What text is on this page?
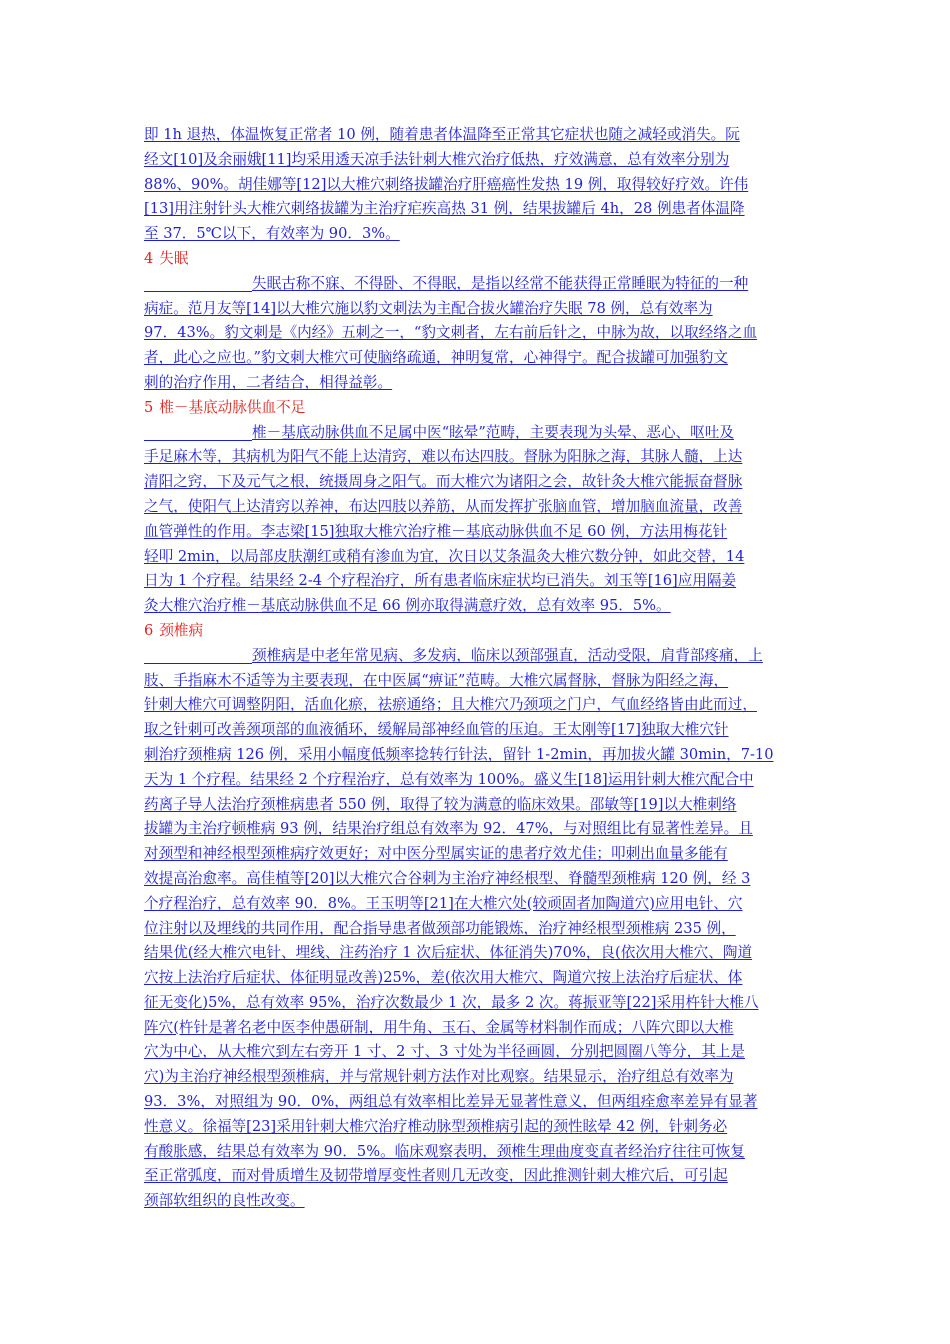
即 1h 退热，体温恢复正常者 10 例，随着患者体温降至正常其它症状也随之减轻或消失。阮
经文[10]及余丽娥[11]均采用透天凉手法针刺大椎穴治疗低热，疗效满意，总有效率分别为
88%、90%。胡佳娜等[12]以大椎穴刺络拔罐治疗肝癌癌性发热 19 例，取得较好疗效。许伟
[13]用注射针头大椎穴刺络拔罐为主治疗疟疾高热 31 例，结果拔罐后 4h，28 例患者体温降
至 37．5℃以下，有效率为 90．3%。
4 失眠
失眠古称不寐、不得卧、不得眠，是指以经常不能获得正常睡眠为特征的一种
病症。范月友等[14]以大椎穴施以豹文刺法为主配合拔火罐治疗失眠 78 例，总有效率为
97．43%。豹文刺是《内经》五刺之一，“豹文刺者，左右前后针之，中脉为故，以取经络之血
者，此心之应也。”豹文刺大椎穴可使脑络疏通，神明复常，心神得宁。配合拔罐可加强豹文
刺的治疗作用，二者结合，相得益彰。
5 椎－基底动脉供血不足
椎－基底动脉供血不足属中医“眩晕”范畴，主要表现为头晕、恶心、呕吐及
手足麻木等，其病机为阳气不能上达清窍，难以布达四肢。督脉为阳脉之海，其脉人髓，上达
清阳之窍，下及元气之根，统摄周身之阳气。而大椎穴为诸阳之会，故针灸大椎穴能振奋督脉
之气，使阳气上达清窍以养神，布达四肢以养筋，从而发挥扩张脑血管，增加脑血流量，改善
血管弹性的作用。李志梁[15]独取大椎穴治疗椎－基底动脉供血不足 60 例，方法用梅花针
轻叩 2min，以局部皮肤潮红或稍有渗血为宜，次日以艾条温灸大椎穴数分钟，如此交替，14
日为 1 个疗程。结果经 2-4 个疗程治疗，所有患者临床症状均已消失。刘玉等[16]应用隔姜
灸大椎穴治疗椎－基底动脉供血不足 66 例亦取得满意疗效，总有效率 95．5%。
6 颈椎病
颈椎病是中老年常见病、多发病，临床以颈部强直，活动受限，肩背部疼痛，上
肢、手指麻木不适等为主要表现，在中医属“痹证”范畴。大椎穴属督脉，督脉为阳经之海，
针刺大椎穴可调整阴阳，活血化瘀，祛瘀通络；且大椎穴乃颈项之门户，气血经络皆由此而过，
取之针刺可改善颈项部的血液循环，缓解局部神经血管的压迫。王太刚等[17]独取大椎穴针
刺治疗颈椎病 126 例，采用小幅度低频率捻转行针法，留针 1-2min，再加拔火罐 30min，7-10
天为 1 个疗程。结果经 2 个疗程治疗，总有效率为 100%。盛义生[18]运用针刺大椎穴配合中
药离子导人法治疗颈椎病患者 550 例，取得了较为满意的临床效果。邵敏等[19]以大椎刺络
拔罐为主治疗顿椎病 93 例，结果治疗组总有效率为 92．47%，与对照组比有显著性差异。且
对颈型和神经根型颈椎病疗效更好；对中医分型属实证的患者疗效尤佳；叩刺出血量多能有
效提高治愈率。高佳植等[20]以大椎穴合谷刺为主治疗神经根型、脊髓型颈椎病 120 例，经 3
个疗程治疗，总有效率 90．8%。王玉明等[21]在大椎穴处(较顽固者加陶道穴)应用电针、穴
位注射以及埋线的共同作用，配合指导患者做颈部功能锻炼，治疗神经根型颈椎病 235 例，
结果优(经大椎穴电针、埋线、注药治疗 1 次后症状、体征消失)70%，良(依次用大椎穴、陶道
穴按上法治疗后症状、体征明显改善)25%，差(依次用大椎穴、陶道穴按上法治疗后症状、体
征无变化)5%，总有效率 95%，治疗次数最少 1 次，最多 2 次。蒋振亚等[22]采用杵针大椎八
阵穴(杵针是著名老中医李仲愚研制，用牛角、玉石、金属等材料制作而成；八阵穴即以大椎
穴为中心，从大椎穴到左右旁开 1 寸、2 寸、3 寸处为半径画圆，分别把圆圈八等分，其上是
穴)为主治疗神经根型颈椎病，并与常规针刺方法作对比观察。结果显示，治疗组总有效率为
93．3%，对照组为 90．0%，两组总有效率相比差异无显著性意义，但两组痊愈率差异有显著
性意义。徐福等[23]采用针刺大椎穴治疗椎动脉型颈椎病引起的颈性眩晕 42 例，针刺务必
有酸胀感，结果总有效率为 90．5%。临床观察表明，颈椎生理曲度变直者经治疗往往可恢复
至正常弧度，而对骨质增生及韧带增厚变性者则几无改变，因此推测针刺大椎穴后，可引起
颈部软组织的良性改变。
